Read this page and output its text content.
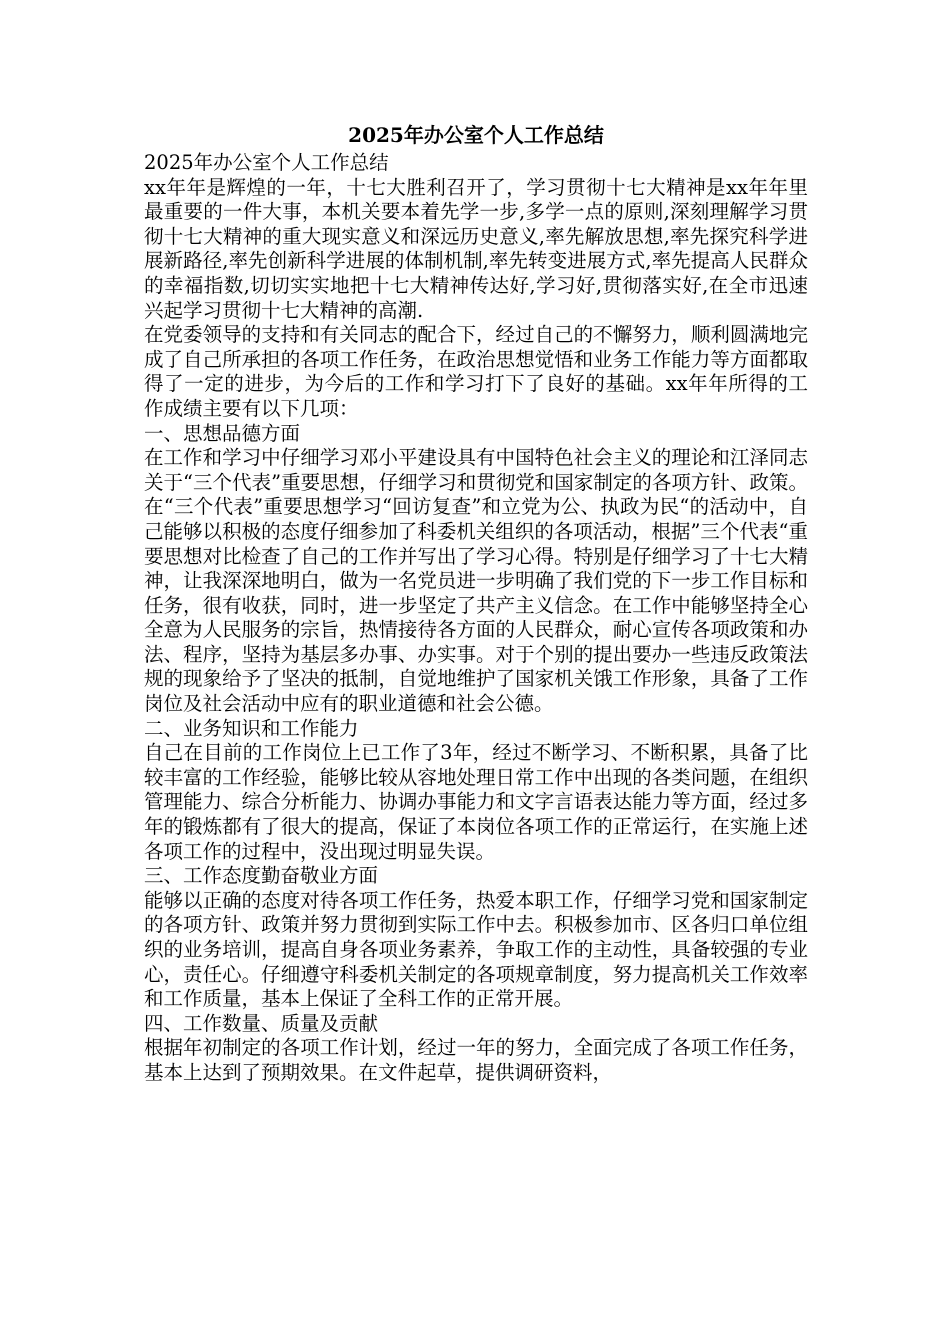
2025年办公室个人工作总结

2025年办公室个人工作总结

xx年年是辉煌的一年，十七大胜利召开了，学习贯彻十七大精神是xx年年里最重要的一件大事，本机关要本着先学一步,多学一点的原则,深刻理解学习贯彻十七大精神的重大现实意义和深远历史意义,率先解放思想,率先探究科学进展新路径,率先创新科学进展的体制机制,率先转变进展方式,率先提高人民群众的幸福指数,切切实实地把十七大精神传达好,学习好,贯彻落实好,在全市迅速兴起学习贯彻十七大精神的高潮.

在党委领导的支持和有关同志的配合下，经过自己的不懈努力，顺利圆满地完成了自己所承担的各项工作任务，在政治思想觉悟和业务工作能力等方面都取得了一定的进步，为今后的工作和学习打下了良好的基础。xx年年所得的工作成绩主要有以下几项：

一、思想品德方面

在工作和学习中仔细学习邓小平建设具有中国特色社会主义的理论和江泽同志关于“三个代表”重要思想，仔细学习和贯彻党和国家制定的各项方针、政策。在“三个代表”重要思想学习“回访复查”和立党为公、执政为民“的活动中，自己能够以积极的态度仔细参加了科委机关组织的各项活动，根据”三个代表“重要思想对比检查了自己的工作并写出了学习心得。特别是仔细学习了十七大精神，让我深深地明白，做为一名党员进一步明确了我们党的下一步工作目标和任务，很有收获，同时，进一步坚定了共产主义信念。在工作中能够坚持全心全意为人民服务的宗旨，热情接待各方面的人民群众，耐心宣传各项政策和办法、程序，坚持为基层多办事、办实事。对于个别的提出要办一些违反政策法规的现象给予了坚决的抵制，自觉地维护了国家机关饿工作形象，具备了工作岗位及社会活动中应有的职业道德和社会公德。

二、业务知识和工作能力

自己在目前的工作岗位上已工作了3年，经过不断学习、不断积累，具备了比较丰富的工作经验，能够比较从容地处理日常工作中出现的各类问题，在组织管理能力、综合分析能力、协调办事能力和文字言语表达能力等方面，经过多年的锻炼都有了很大的提高，保证了本岗位各项工作的正常运行，在实施上述各项工作的过程中，没出现过明显失误。

三、工作态度勤奋敬业方面

能够以正确的态度对待各项工作任务，热爱本职工作，仔细学习党和国家制定的各项方针、政策并努力贯彻到实际工作中去。积极参加市、区各归口单位组织的业务培训，提高自身各项业务素养，争取工作的主动性，具备较强的专业心，责任心。仔细遵守科委机关制定的各项规章制度，努力提高机关工作效率和工作质量，基本上保证了全科工作的正常开展。

四、工作数量、质量及贡献

根据年初制定的各项工作计划，经过一年的努力，全面完成了各项工作任务，基本上达到了预期效果。在文件起草，提供调研资料，
